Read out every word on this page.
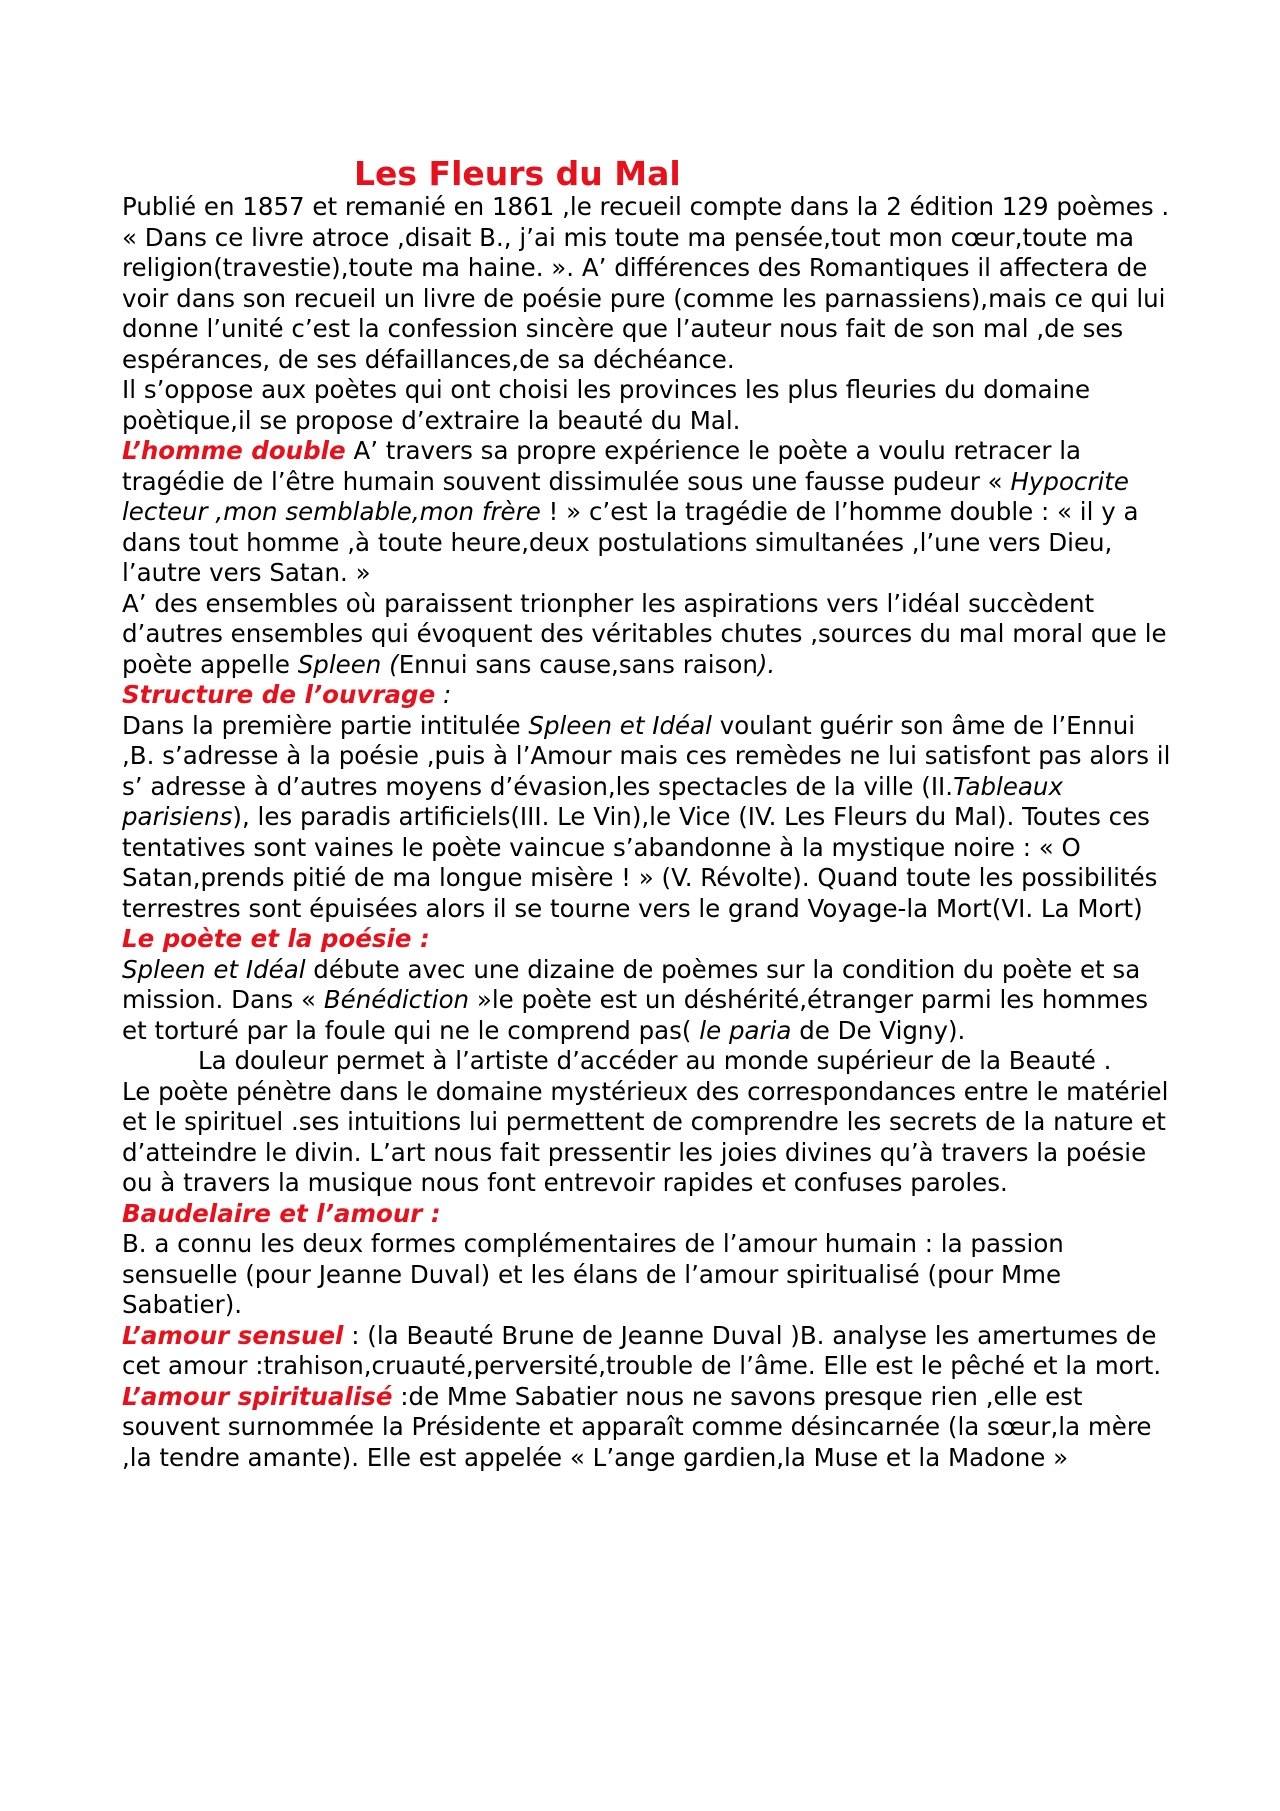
Les Fleurs du Mal

Publié en 1857 et remanié en 1861 ,le recueil compte dans la 2 édition 129 poèmes . « Dans ce livre atroce ,disait B., j’ai mis toute ma pensée,tout mon cœur,toute ma religion(travestie),toute ma haine. ». A’ différences des Romantiques il affectera de voir dans son recueil un livre de poésie pure (comme les parnassiens),mais ce qui lui donne l’unité c’est la confession sincère que l’auteur nous fait de son mal ,de ses espérances, de ses défaillances,de sa déchéance.

Il s’oppose aux poètes qui ont choisi les provinces les plus fleuries du domaine poètique,il se propose d’extraire la beauté du Mal.

L’homme double A’ travers sa propre expérience le poète a voulu retracer la tragédie de l’être humain souvent dissimulée sous une fausse pudeur « Hypocrite lecteur ,mon semblable,mon frère ! » c’est la tragédie de l’homme double : « il y a dans tout homme ,à toute heure,deux postulations simultanées ,l’une vers Dieu, l’autre vers Satan. »

A’ des ensembles où paraissent trionpher les aspirations vers l’idéal succèdent d’autres ensembles qui évoquent des véritables chutes ,sources du mal moral que le poète appelle Spleen (Ennui sans cause,sans raison).

Structure de l’ouvrage :

Dans la première partie intitulée Spleen et Idéal voulant guérir son âme de l’Ennui ,B. s’adresse à la poésie ,puis à l’Amour mais ces remèdes ne lui satisfont pas alors il s’ adresse à d’autres moyens d’évasion,les spectacles de la ville (II.Tableaux parisiens), les paradis artificiels(III. Le Vin),le Vice (IV. Les Fleurs du Mal). Toutes ces tentatives sont vaines le poète vaincue s’abandonne à la mystique noire : « O Satan,prends pitié de ma longue misère ! » (V. Révolte). Quand toute les possibilités terrestres sont épuisées alors il se tourne vers le grand Voyage-la Mort(VI. La Mort)

Le poète et la poésie :

Spleen et Idéal débute avec une dizaine de poèmes sur la condition du poète et sa mission. Dans « Bénédiction »le poète est un déshérité,étranger parmi les hommes et torturé par la foule qui ne le comprend pas( le paria de De Vigny).

La douleur permet à l’artiste d’accéder au monde supérieur de la Beauté .

Le poète pénètre dans le domaine mystérieux des correspondances entre le matériel et le spirituel .ses intuitions lui permettent de comprendre les secrets de la nature et d’atteindre le divin. L’art nous fait pressentir les joies divines qu’à travers la poésie ou à travers la musique nous font entrevoir rapides et confuses paroles.

Baudelaire et l’amour :

B. a connu les deux formes complémentaires de l’amour humain : la passion sensuelle (pour Jeanne Duval) et les élans de l’amour spiritualisé (pour Mme Sabatier).

L’amour sensuel : (la Beauté Brune de Jeanne Duval )B. analyse les amertumes de cet amour :trahison,cruauté,perversité,trouble de l’âme. Elle est le pêché et la mort.

L’amour spiritualisé :de Mme Sabatier nous ne savons presque rien ,elle est souvent surnommée la Présidente et apparaît comme désincarnée (la sœur,la mère ,la tendre amante). Elle est appelée « L’ange gardien,la Muse et la Madone »
